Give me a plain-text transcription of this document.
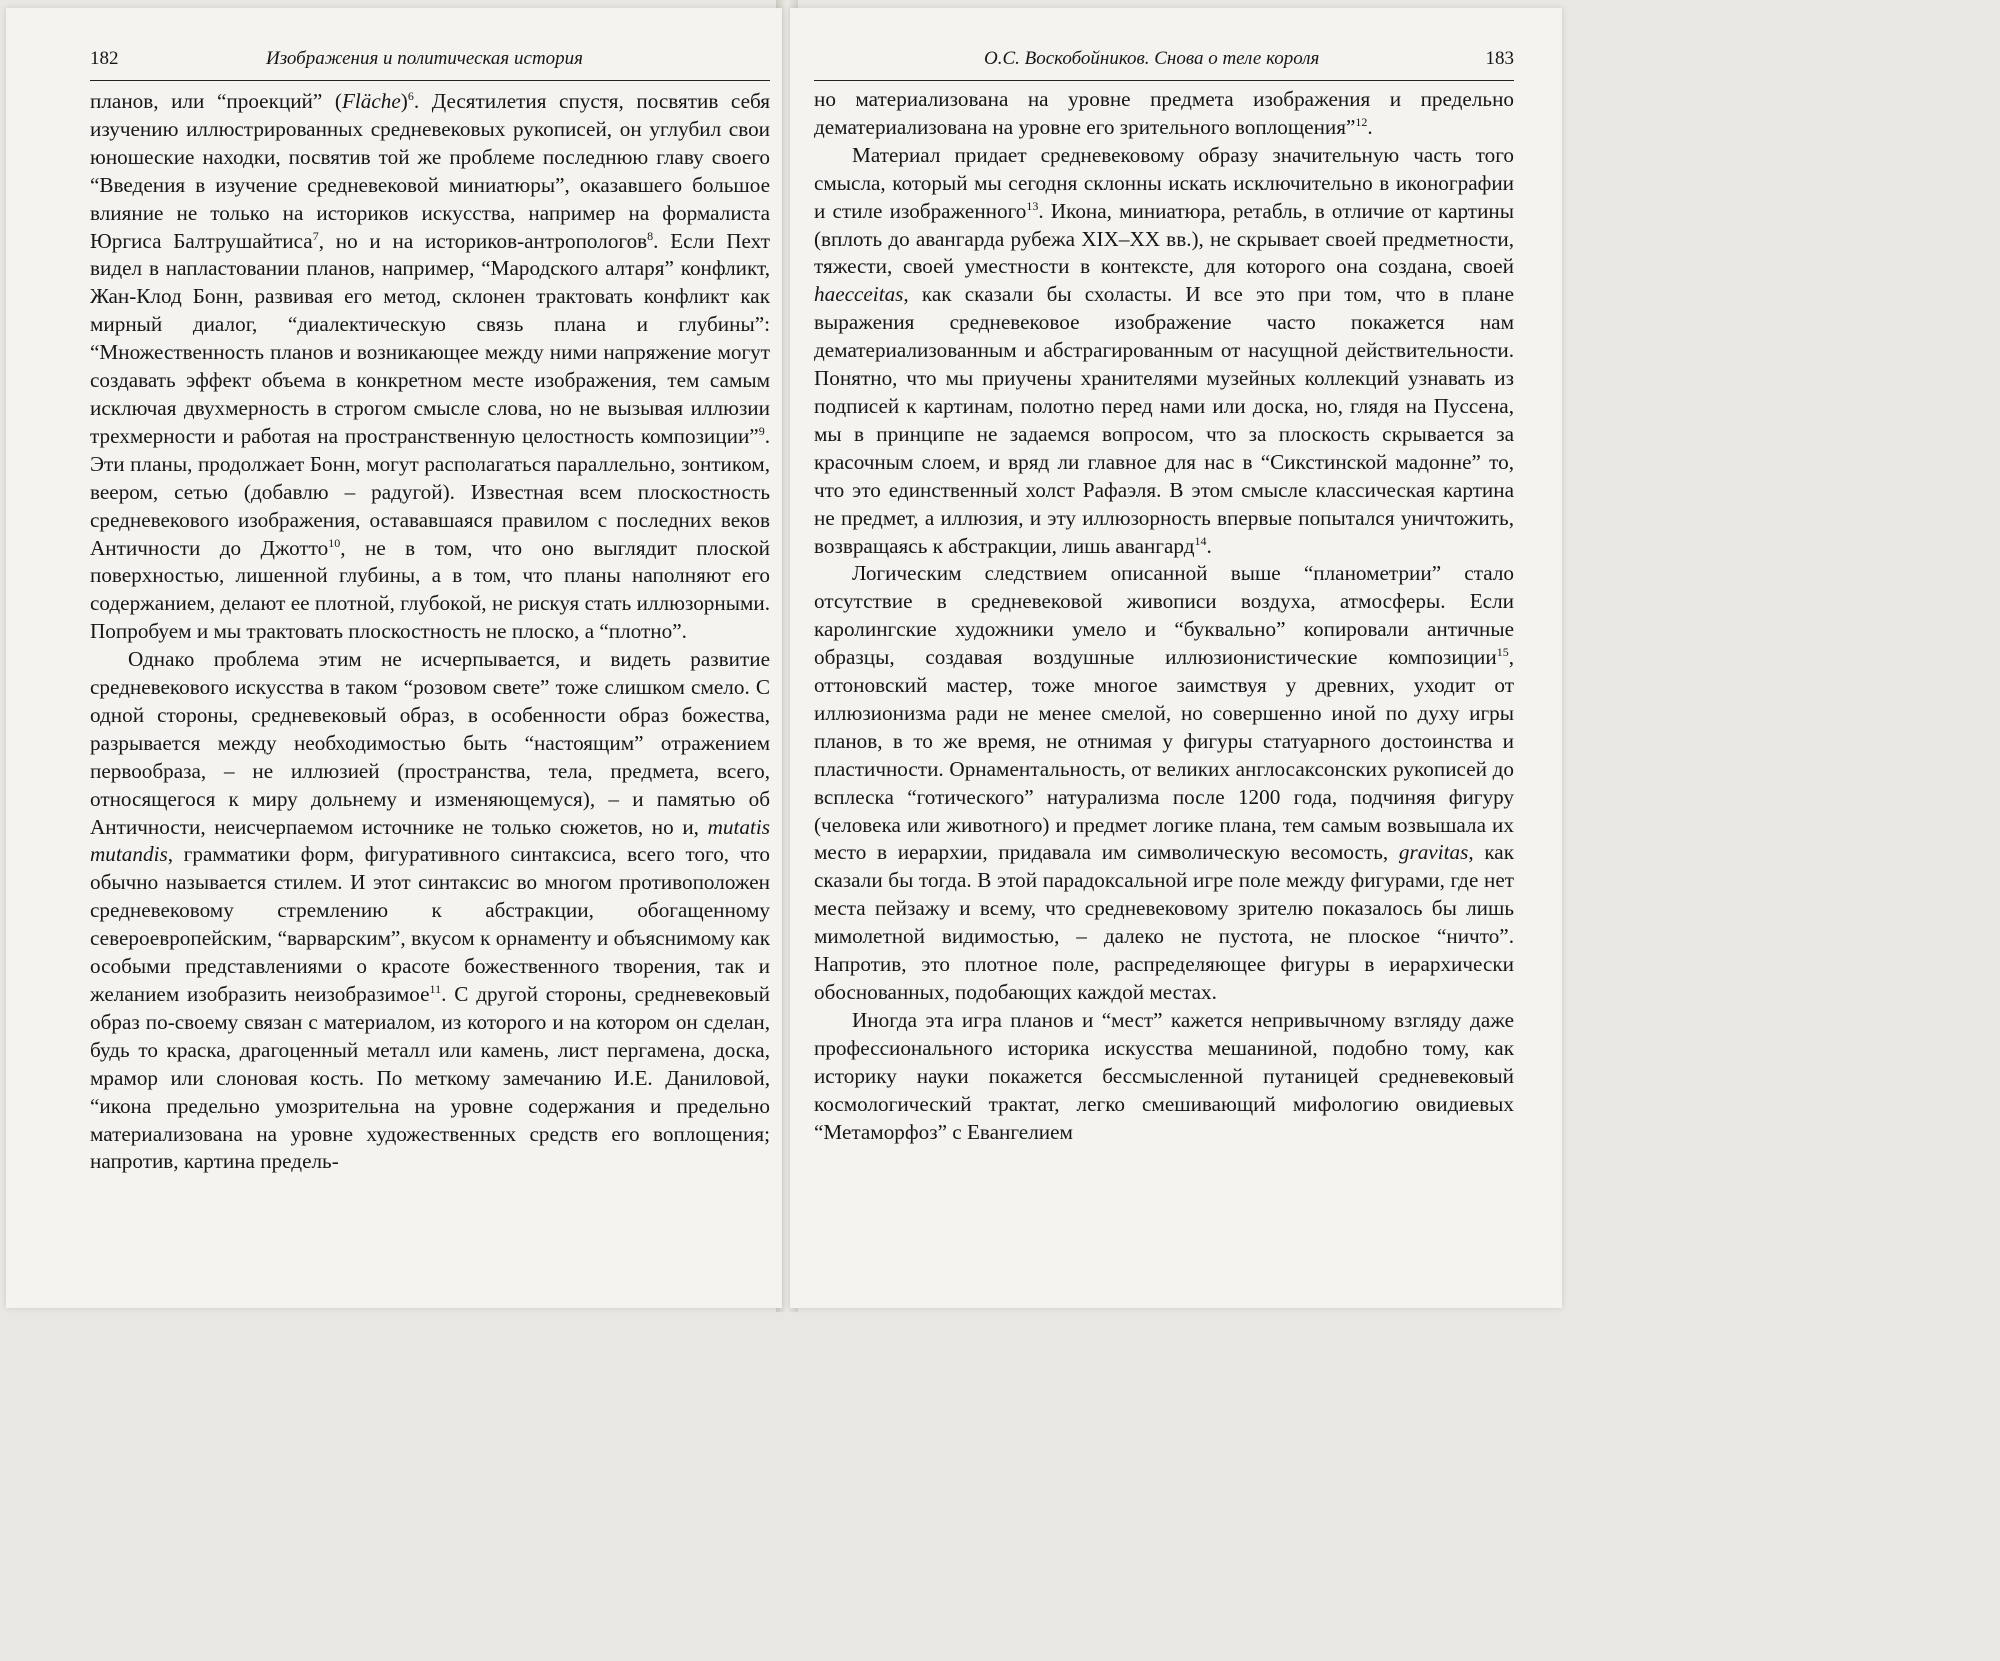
182	Изображения и политическая история

планов, или “проекций” (Fläche)$^6$. Десятилетия спустя, посвятив себя изучению иллюстрированных средневековых рукописей, он углубил свои юношеские находки, посвятив той же проблеме последнюю главу своего “Введения в изучение средневековой миниатюры”, оказавшего большое влияние не только на историков искусства, например на формалиста Юргиса Балтрушайтиса$^7$, но и на историков-антропологов$^8$. Если Пехт видел в напластовании планов, например, “Мародского алтаря” конфликт, Жан-Клод Бонн, развивая его метод, склонен трактовать конфликт как мирный диалог, “диалектическую связь плана и глубины”: “Множественность планов и возникающее между ними напряжение могут создавать эффект объема в конкретном месте изображения, тем самым исключая двухмерность в строгом смысле слова, но не вызывая иллюзии трехмерности и работая на пространственную целостность композиции”$^9$. Эти планы, продолжает Бонн, могут располагаться параллельно, зонтиком, веером, сетью (добавлю – радугой). Известная всем плоскостность средневекового изображения, остававшаяся правилом с последних веков Античности до Джотто$^{10}$, не в том, что оно выглядит плоской поверхностью, лишенной глубины, а в том, что планы наполняют его содержанием, делают ее плотной, глубокой, не рискуя стать иллюзорными. Попробуем и мы трактовать плоскостность не плоско, а “плотно”.

Однако проблема этим не исчерпывается, и видеть развитие средневекового искусства в таком “розовом свете” тоже слишком смело. С одной стороны, средневековый образ, в особенности образ божества, разрывается между необходимостью быть “настоящим” отражением первообраза, – не иллюзией (пространства, тела, предмета, всего, относящегося к миру дольнему и изменяющемуся), – и памятью об Античности, неисчерпаемом источнике не только сюжетов, но и, mutatis mutandis, грамматики форм, фигуративного синтаксиса, всего того, что обычно называется стилем. И этот синтаксис во многом противоположен средневековому стремлению к абстракции, обогащенному североевропейским, “варварским”, вкусом к орнаменту и объяснимому как особыми представлениями о красоте божественного творения, так и желанием изобразить неизобразимое$^{11}$. С другой стороны, средневековый образ по-своему связан с материалом, из которого и на котором он сделан, будь то краска, драгоценный металл или камень, лист пергамена, доска, мрамор или слоновая кость. По меткому замечанию И.Е. Даниловой, “икона предельно умозрительна на уровне содержания и предельно материализована на уровне художественных средств его воплощения; напротив, картина предель-

О.С. Воскобойников. Снова о теле короля	183

но материализована на уровне предмета изображения и предельно дематериализована на уровне его зрительного воплощения”$^{12}$.

Материал придает средневековому образу значительную часть того смысла, который мы сегодня склонны искать исключительно в иконографии и стиле изображенного$^{13}$. Икона, миниатюра, ретабль, в отличие от картины (вплоть до авангарда рубежа XIX–XX вв.), не скрывает своей предметности, тяжести, своей уместности в контексте, для которого она создана, своей haecceitas, как сказали бы схоласты. И все это при том, что в плане выражения средневековое изображение часто покажется нам дематериализованным и абстрагированным от насущной действительности. Понятно, что мы приучены хранителями музейных коллекций узнавать из подписей к картинам, полотно перед нами или доска, но, глядя на Пуссена, мы в принципе не задаемся вопросом, что за плоскость скрывается за красочным слоем, и вряд ли главное для нас в “Сикстинской мадонне” то, что это единственный холст Рафаэля. В этом смысле классическая картина не предмет, а иллюзия, и эту иллюзорность впервые попытался уничтожить, возвращаясь к абстракции, лишь авангард$^{14}$.

Логическим следствием описанной выше “планометрии” стало отсутствие в средневековой живописи воздуха, атмосферы. Если каролингские художники умело и “буквально” копировали античные образцы, создавая воздушные иллюзионистические композиции$^{15}$, оттоновский мастер, тоже многое заимствуя у древних, уходит от иллюзионизма ради не менее смелой, но совершенно иной по духу игры планов, в то же время, не отнимая у фигуры статуарного достоинства и пластичности. Орнаментальность, от великих англосаксонских рукописей до всплеска “готического” натурализма после 1200 года, подчиняя фигуру (человека или животного) и предмет логике плана, тем самым возвышала их место в иерархии, придавала им символическую весомость, gravitas, как сказали бы тогда. В этой парадоксальной игре поле между фигурами, где нет места пейзажу и всему, что средневековому зрителю показалось бы лишь мимолетной видимостью, – далеко не пустота, не плоское “ничто”. Напротив, это плотное поле, распределяющее фигуры в иерархически обоснованных, подобающих каждой местах.

Иногда эта игра планов и “мест” кажется непривычному взгляду даже профессионального историка искусства мешаниной, подобно тому, как историку науки покажется бессмысленной путаницей средневековый космологический трактат, легко смешивающий мифологию овидиевых “Метаморфоз” с Евангелием
